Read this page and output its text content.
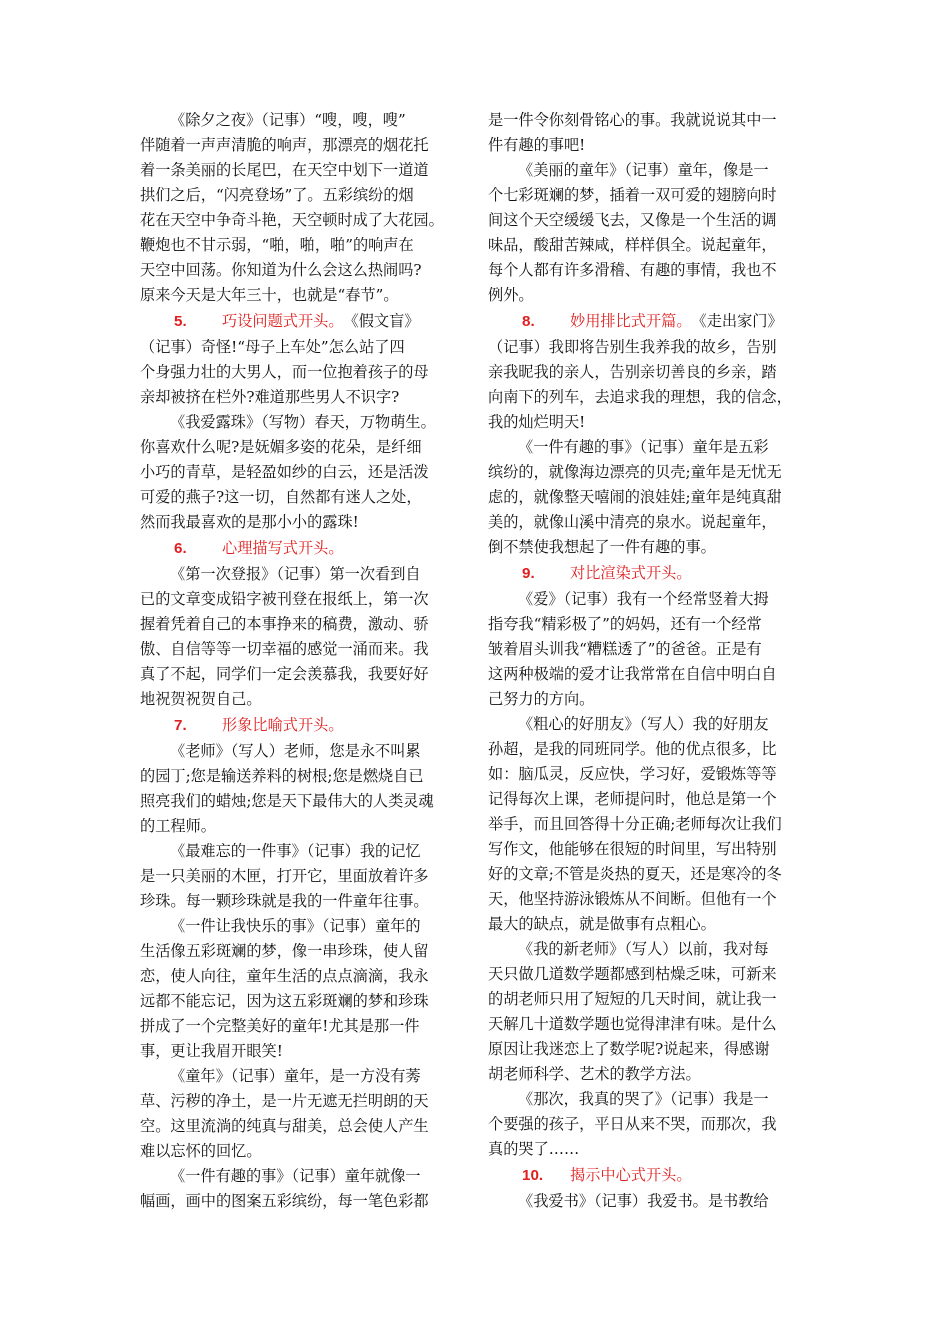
《除夕之夜》（记事）“嗖，嗖，嗖”
伴随着一声声清脆的响声，那漂亮的烟花托
着一条美丽的长尾巴，在天空中划下一道道
拱们之后，“闪亮登场”了。五彩缤纷的烟
花在天空中争奇斗艳，天空顿时成了大花园。
鞭炮也不甘示弱，“啪，啪，啪”的响声在
天空中回荡。你知道为什么会这么热闹吗?
原来今天是大年三十，也就是“春节”。
5. 巧设问题式开头。《假文盲》
（记事）奇怪!“母子上车处”怎么站了四
个身强力壮的大男人，而一位抱着孩子的母
亲却被挤在栏外?难道那些男人不识字?
《我爱露珠》（写物）春天，万物萌生。
你喜欢什么呢?是妩媚多姿的花朵，是纤细
小巧的青草，是轻盈如纱的白云，还是活泼
可爱的燕子?这一切，自然都有迷人之处，
然而我最喜欢的是那小小的露珠!
6. 心理描写式开头。
《第一次登报》（记事）第一次看到自
已的文章变成铅字被刊登在报纸上，第一次
握着凭着自己的本事挣来的稿费，激动、骄
傲、自信等等一切幸福的感觉一涌而来。我
真了不起，同学们一定会羡慕我，我要好好
地祝贺祝贺自己。
7. 形象比喻式开头。
《老师》（写人）老师，您是永不叫累
的园丁;您是输送养料的树根;您是燃烧自已
照亮我们的蜡烛;您是天下最伟大的人类灵魂
的工程师。
《最难忘的一件事》（记事）我的记忆
是一只美丽的木匣，打开它，里面放着许多
珍珠。每一颗珍珠就是我的一件童年往事。
《一件让我快乐的事》（记事）童年的
生活像五彩斑斓的梦，像一串珍珠，使人留
恋，使人向往，童年生活的点点滴滴，我永
远都不能忘记，因为这五彩斑斓的梦和珍珠
拼成了一个完整美好的童年!尤其是那一件
事，更让我眉开眼笑!
《童年》（记事）童年，是一方没有莠
草、污秽的净土，是一片无遮无拦明朗的天
空。这里流淌的纯真与甜美，总会使人产生
难以忘怀的回忆。
《一件有趣的事》（记事）童年就像一
幅画，画中的图案五彩缤纷，每一笔色彩都
是一件令你刻骨铭心的事。我就说说其中一
件有趣的事吧!
《美丽的童年》（记事）童年，像是一
个七彩斑斓的梦，插着一双可爱的翅膀向时
间这个天空缓缓飞去，又像是一个生活的调
味品，酸甜苦辣咸，样样俱全。说起童年，
每个人都有许多滑稽、有趣的事情，我也不
例外。
8. 妙用排比式开篇。《走出家门》
（记事）我即将告别生我养我的故乡，告别
亲我昵我的亲人，告别亲切善良的乡亲，踏
向南下的列车，去追求我的理想，我的信念，
我的灿烂明天!
《一件有趣的事》（记事）童年是五彩
缤纷的，就像海边漂亮的贝壳;童年是无忧无
虑的，就像整天嘻闹的浪娃娃;童年是纯真甜
美的，就像山溪中清亮的泉水。说起童年，
倒不禁使我想起了一件有趣的事。
9. 对比渲染式开头。
《爱》（记事）我有一个经常竖着大拇
指夸我“精彩极了”的妈妈，还有一个经常
皱着眉头训我“糟糕透了”的爸爸。正是有
这两种极端的爱才让我常常在自信中明白自
己努力的方向。
《粗心的好朋友》（写人）我的好朋友
孙超，是我的同班同学。他的优点很多，比
如：脑瓜灵，反应快，学习好，爱锻炼等等
记得每次上课，老师提问时，他总是第一个
举手，而且回答得十分正确;老师每次让我们
写作文，他能够在很短的时间里，写出特别
好的文章;不管是炎热的夏天，还是寒冷的冬
天，他坚持游泳锻炼从不间断。但他有一个
最大的缺点，就是做事有点粗心。
《我的新老师》（写人）以前，我对每
天只做几道数学题都感到枯燥乏味，可新来
的胡老师只用了短短的几天时间，就让我一
天解几十道数学题也觉得津津有味。是什么
原因让我迷恋上了数学呢?说起来，得感谢
胡老师科学、艺术的教学方法。
《那次，我真的哭了》（记事）我是一
个要强的孩子，平日从来不哭，而那次，我
真的哭了……
10. 揭示中心式开头。
《我爱书》（记事）我爱书。是书教给
